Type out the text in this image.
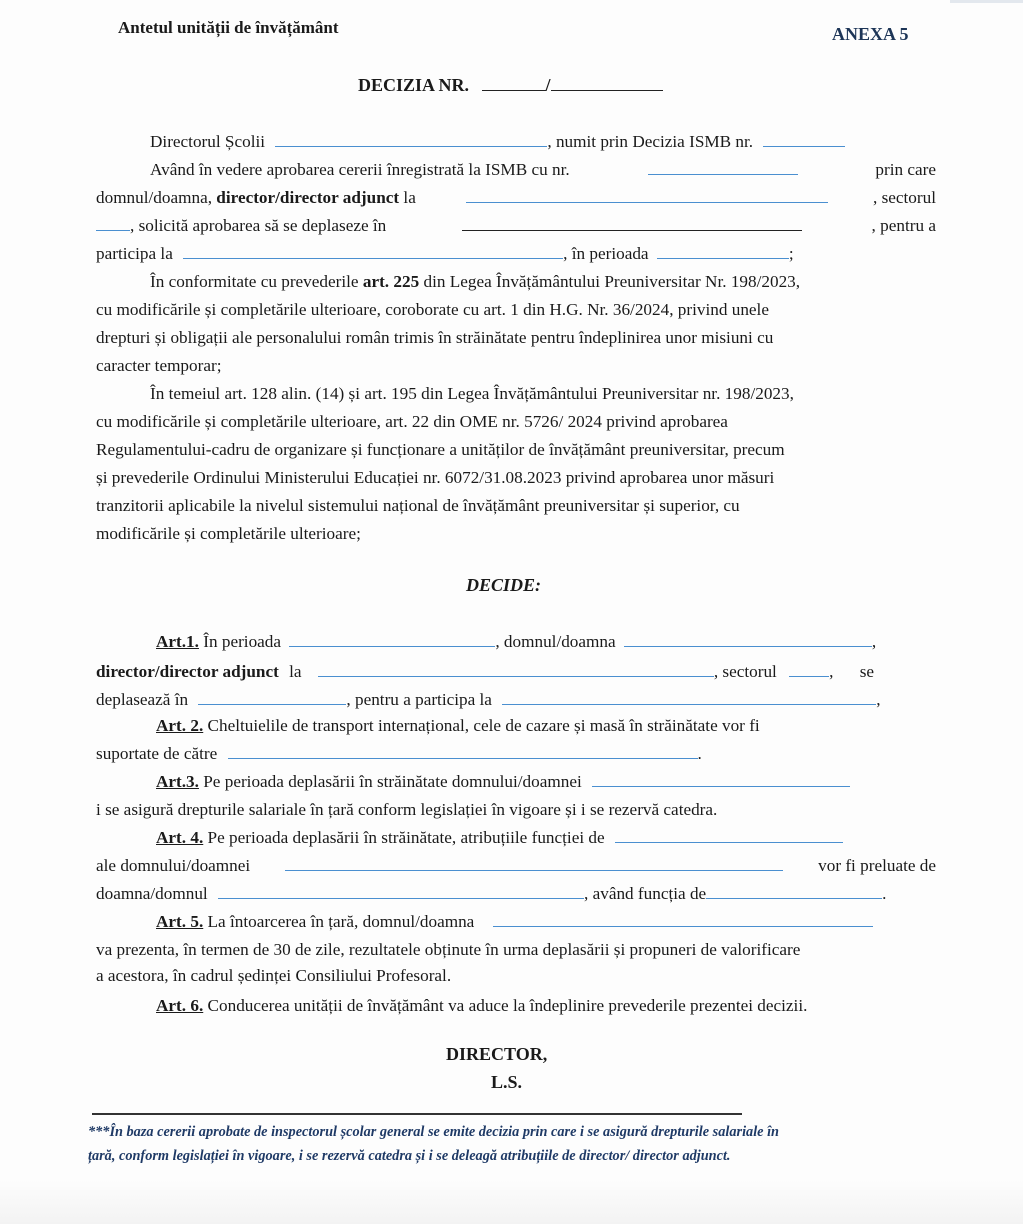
Antetul unității de învățământ	ANEXA 5
DECIZIA NR.	/
Directorul Școlii	, numit prin Decizia ISMB nr.
Având în vedere aprobarea cererii înregistrată la ISMB cu nr.	prin care
domnul/doamna, director/director adjunct la	, sectorul
, solicită aprobarea să se deplaseze în	, pentru a
participa la	, în perioada	;
În conformitate cu prevederile art. 225 din Legea Învățământului Preuniversitar Nr. 198/2023,
cu modificările și completările ulterioare, coroborate cu art. 1 din H.G. Nr. 36/2024, privind unele
drepturi și obligații ale personalului român trimis în străinătate pentru îndeplinirea unor misiuni cu
caracter temporar;
În temeiul art. 128 alin. (14) și art. 195 din Legea Învățământului Preuniversitar nr. 198/2023,
cu modificările și completările ulterioare, art. 22 din OME nr. 5726/ 2024 privind aprobarea
Regulamentului-cadru de organizare și funcționare a unităților de învățământ preuniversitar, precum
și prevederile Ordinului Ministerului Educației nr. 6072/31.08.2023 privind aprobarea unor măsuri
tranzitorii aplicabile la nivelul sistemului național de învățământ preuniversitar și superior, cu
modificările și completările ulterioare;
DECIDE:
Art.1. În perioada	, domnul/doamna	,
director/director adjunct la	, sectorul	, se
deplasează în	, pentru a participa la	,
Art. 2. Cheltuielile de transport internațional, cele de cazare și masă în străinătate vor fi
suportate de către	.
Art.3. Pe perioada deplasării în străinătate domnului/doamnei
i se asigură drepturile salariale în țară conform legislației în vigoare și i se rezervă catedra.
Art. 4. Pe perioada deplasării în străinătate, atribuțiile funcției de
ale domnului/doamnei	vor fi preluate de
doamna/domnul	, având funcția de	.
Art. 5. La întoarcerea în țară, domnul/doamna
va prezenta, în termen de 30 de zile, rezultatele obținute în urma deplasării și propuneri de valorificare
a acestora, în cadrul ședinței Consiliului Profesoral.
Art. 6. Conducerea unității de învățământ va aduce la îndeplinire prevederile prezentei decizii.
DIRECTOR,
L.S.
***În baza cererii aprobate de inspectorul școlar general se emite decizia prin care i se asigură drepturile salariale în
țară, conform legislației în vigoare, i se rezervă catedra și i se deleagă atribuțiile de director/ director adjunct.
